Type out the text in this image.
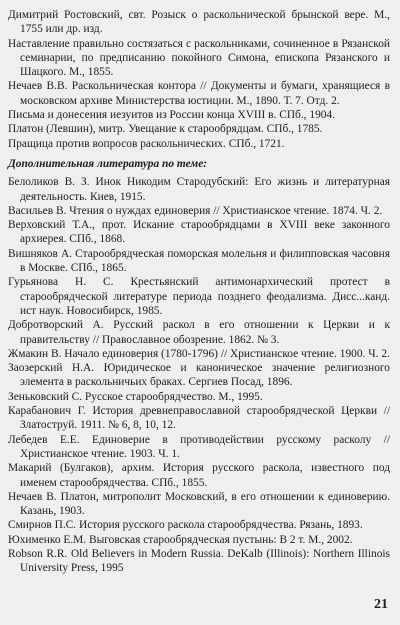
Димитрий Ростовский, свт. Розыск о раскольнической брынской вере. М., 1755 или др. изд.

Наставление правильно состязаться с раскольниками, сочиненное в Рязанской семинарии, по предписанию покойного Симона, епископа Рязанского и Шацкого. М., 1855.

Нечаев В.В. Раскольническая контора // Документы и бумаги, хранящиеся в московском архиве Министерства юстиции. М., 1890. Т. 7. Отд. 2.

Письма и донесения иезуитов из России конца XVIII в. СПб., 1904.

Платон (Левшин), митр. Увещание к старообрядцам. СПб., 1785.

Пращица против вопросов раскольнических. СПб., 1721.

Дополнительная литература по теме:

Белоликов В. З. Инок Никодим Стародубский: Его жизнь и литературная деятельность. Киев, 1915.

Васильев В. Чтения о нуждах единоверия // Христианское чтение. 1874. Ч. 2.

Верховский Т.А., прот. Искание старообрядцами в XVIII веке законного архиерея. СПб., 1868.

Вишняков А. Старообрядческая поморская молельня и филипповская часовня в Москве. СПб., 1865.

Гурьянова Н. С. Крестьянский антимонархический протест в старообрядческой литературе периода позднего феодализма. Дисс...канд. ист наук. Новосибирск, 1985.

Добротворский А. Русский раскол в его отношении к Церкви и к правительству // Православное обозрение. 1862. № 3.

Жмакин В. Начало единоверия (1780-1796) // Христианское чтение. 1900. Ч. 2.

Заозерский Н.А. Юридическое и каноническое значение религиозного элемента в раскольничьих браках. Сергиев Посад, 1896.

Зеньковский С. Русское старообрядчество. М., 1995.

Карабанович Г. История древнеправославной старообрядческой Церкви // Златоструй. 1911. № 6, 8, 10, 12.

Лебедев Е.Е. Единоверие в противодействии русскому расколу // Христианское чтение. 1903. Ч. 1.

Макарий (Булгаков), архим. История русского раскола, известного под именем старообрядчества. СПб., 1855.

Нечаев В. Платон, митрополит Московский, в его отношении к единоверию. Казань, 1903.

Смирнов П.С. История русского раскола старообрядчества. Рязань, 1893.

Юхименко Е.М. Выговская старообрядческая пустынь: В 2 т. М., 2002.

Robson R.R. Old Believers in Modern Russia. DeKalb (Illinois): Northern Illinois University Press, 1995

21
